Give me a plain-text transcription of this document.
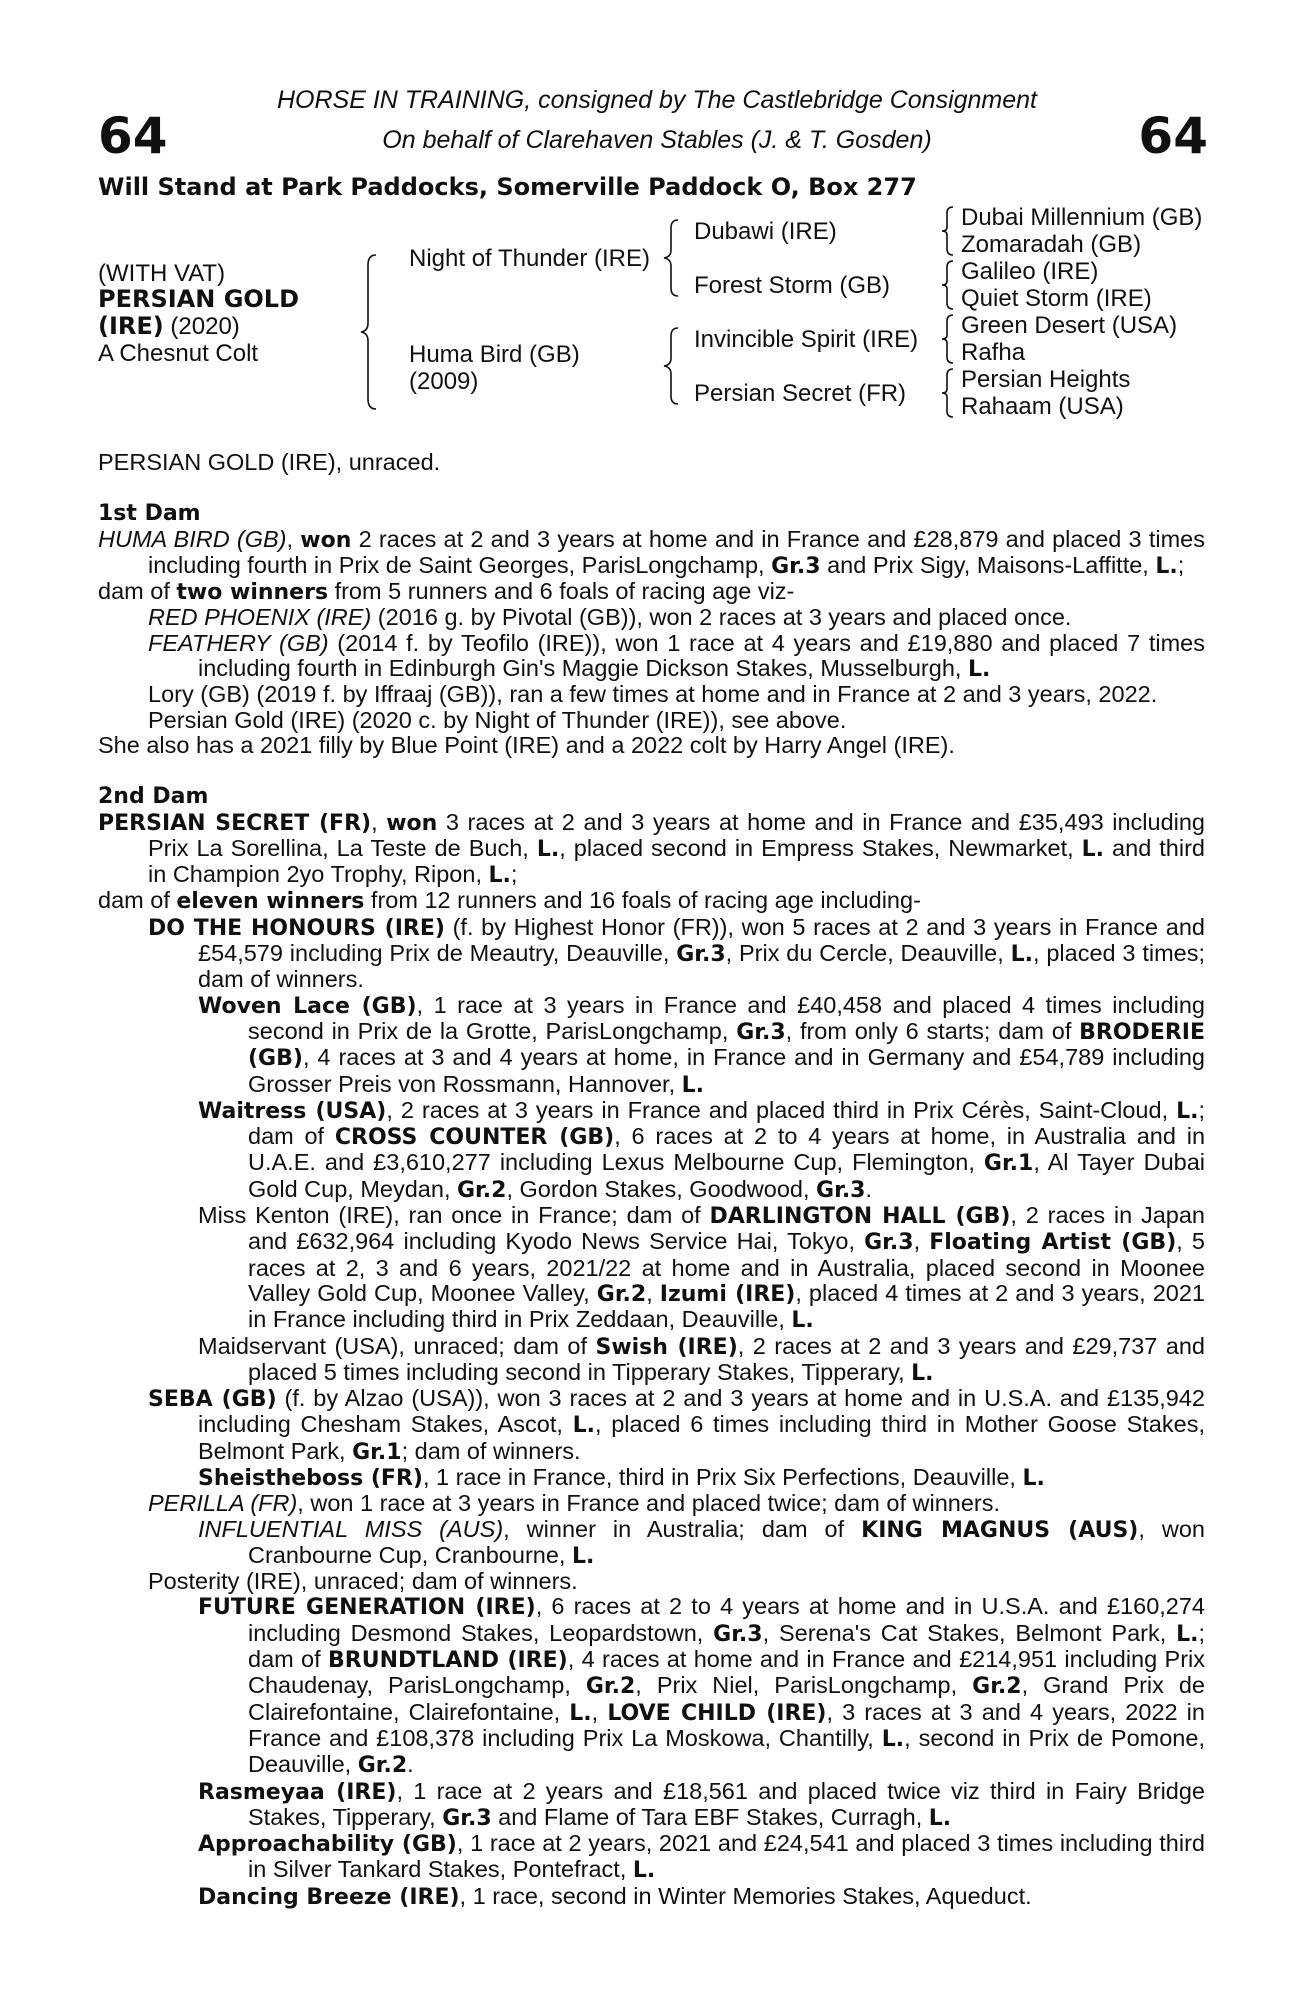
64	64
HORSE IN TRAINING, consigned by The Castlebridge Consignment
On behalf of Clarehaven Stables (J. & T. Gosden)
Will Stand at Park Paddocks, Somerville Paddock O, Box 277
(WITH VAT)
PERSIAN GOLD
(IRE) (2020)
A Chesnut Colt
Night of Thunder (IRE)
Huma Bird (GB)
(2009)
Dubawi (IRE)
Forest Storm (GB)
Invincible Spirit (IRE)
Persian Secret (FR)
Dubai Millennium (GB)
Zomaradah (GB)
Galileo (IRE)
Quiet Storm (IRE)
Green Desert (USA)
Rafha
Persian Heights
Rahaam (USA)

PERSIAN GOLD (IRE), unraced.

1st Dam

HUMA BIRD (GB), won 2 races at 2 and 3 years at home and in France and £28,879 and placed 3 times including fourth in Prix de Saint Georges, ParisLongchamp, Gr.3 and Prix Sigy, Maisons-Laffitte, L.;

dam of two winners from 5 runners and 6 foals of racing age viz-

RED PHOENIX (IRE) (2016 g. by Pivotal (GB)), won 2 races at 3 years and placed once.

FEATHERY (GB) (2014 f. by Teofilo (IRE)), won 1 race at 4 years and £19,880 and placed 7 times including fourth in Edinburgh Gin's Maggie Dickson Stakes, Musselburgh, L.

Lory (GB) (2019 f. by Iffraaj (GB)), ran a few times at home and in France at 2 and 3 years, 2022.

Persian Gold (IRE) (2020 c. by Night of Thunder (IRE)), see above.

She also has a 2021 filly by Blue Point (IRE) and a 2022 colt by Harry Angel (IRE).

2nd Dam

PERSIAN SECRET (FR), won 3 races at 2 and 3 years at home and in France and £35,493 including Prix La Sorellina, La Teste de Buch, L., placed second in Empress Stakes, Newmarket, L. and third in Champion 2yo Trophy, Ripon, L.;

dam of eleven winners from 12 runners and 16 foals of racing age including-

DO THE HONOURS (IRE) (f. by Highest Honor (FR)), won 5 races at 2 and 3 years in France and £54,579 including Prix de Meautry, Deauville, Gr.3, Prix du Cercle, Deauville, L., placed 3 times; dam of winners.

Woven Lace (GB), 1 race at 3 years in France and £40,458 and placed 4 times including second in Prix de la Grotte, ParisLongchamp, Gr.3, from only 6 starts; dam of BRODERIE (GB), 4 races at 3 and 4 years at home, in France and in Germany and £54,789 including Grosser Preis von Rossmann, Hannover, L.

Waitress (USA), 2 races at 3 years in France and placed third in Prix Cérès, Saint-Cloud, L.; dam of CROSS COUNTER (GB), 6 races at 2 to 4 years at home, in Australia and in U.A.E. and £3,610,277 including Lexus Melbourne Cup, Flemington, Gr.1, Al Tayer Dubai Gold Cup, Meydan, Gr.2, Gordon Stakes, Goodwood, Gr.3.

Miss Kenton (IRE), ran once in France; dam of DARLINGTON HALL (GB), 2 races in Japan and £632,964 including Kyodo News Service Hai, Tokyo, Gr.3, Floating Artist (GB), 5 races at 2, 3 and 6 years, 2021/22 at home and in Australia, placed second in Moonee Valley Gold Cup, Moonee Valley, Gr.2, Izumi (IRE), placed 4 times at 2 and 3 years, 2021 in France including third in Prix Zeddaan, Deauville, L.

Maidservant (USA), unraced; dam of Swish (IRE), 2 races at 2 and 3 years and £29,737 and placed 5 times including second in Tipperary Stakes, Tipperary, L.

SEBA (GB) (f. by Alzao (USA)), won 3 races at 2 and 3 years at home and in U.S.A. and £135,942 including Chesham Stakes, Ascot, L., placed 6 times including third in Mother Goose Stakes, Belmont Park, Gr.1; dam of winners.

Sheistheboss (FR), 1 race in France, third in Prix Six Perfections, Deauville, L.

PERILLA (FR), won 1 race at 3 years in France and placed twice; dam of winners.

INFLUENTIAL MISS (AUS), winner in Australia; dam of KING MAGNUS (AUS), won Cranbourne Cup, Cranbourne, L.

Posterity (IRE), unraced; dam of winners.

FUTURE GENERATION (IRE), 6 races at 2 to 4 years at home and in U.S.A. and £160,274 including Desmond Stakes, Leopardstown, Gr.3, Serena's Cat Stakes, Belmont Park, L.; dam of BRUNDTLAND (IRE), 4 races at home and in France and £214,951 including Prix Chaudenay, ParisLongchamp, Gr.2, Prix Niel, ParisLongchamp, Gr.2, Grand Prix de Clairefontaine, Clairefontaine, L., LOVE CHILD (IRE), 3 races at 3 and 4 years, 2022 in France and £108,378 including Prix La Moskowa, Chantilly, L., second in Prix de Pomone, Deauville, Gr.2.

Rasmeyaa (IRE), 1 race at 2 years and £18,561 and placed twice viz third in Fairy Bridge Stakes, Tipperary, Gr.3 and Flame of Tara EBF Stakes, Curragh, L.

Approachability (GB), 1 race at 2 years, 2021 and £24,541 and placed 3 times including third in Silver Tankard Stakes, Pontefract, L.

Dancing Breeze (IRE), 1 race, second in Winter Memories Stakes, Aqueduct.
